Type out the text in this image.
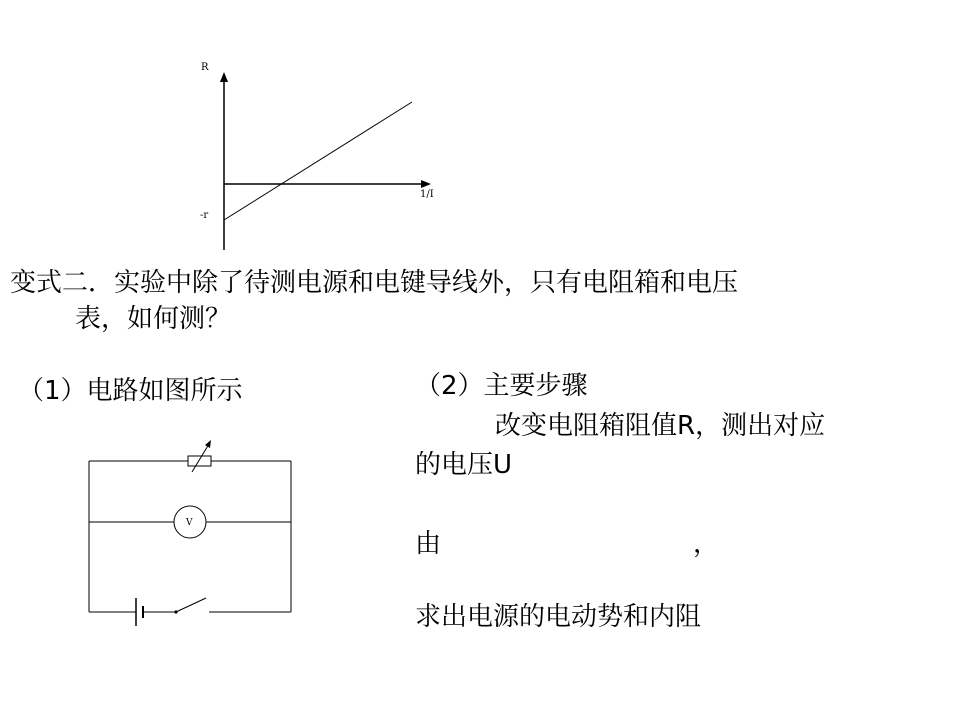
R
1/I
-r
变式二．实验中除了待测电源和电键导线外，只有电阻箱和电压
表，如何测？
（1）电路如图所示
V
（2）主要步骤
改变电阻箱阻值R，测出对应
的电压U
由	，
求出电源的电动势和内阻
